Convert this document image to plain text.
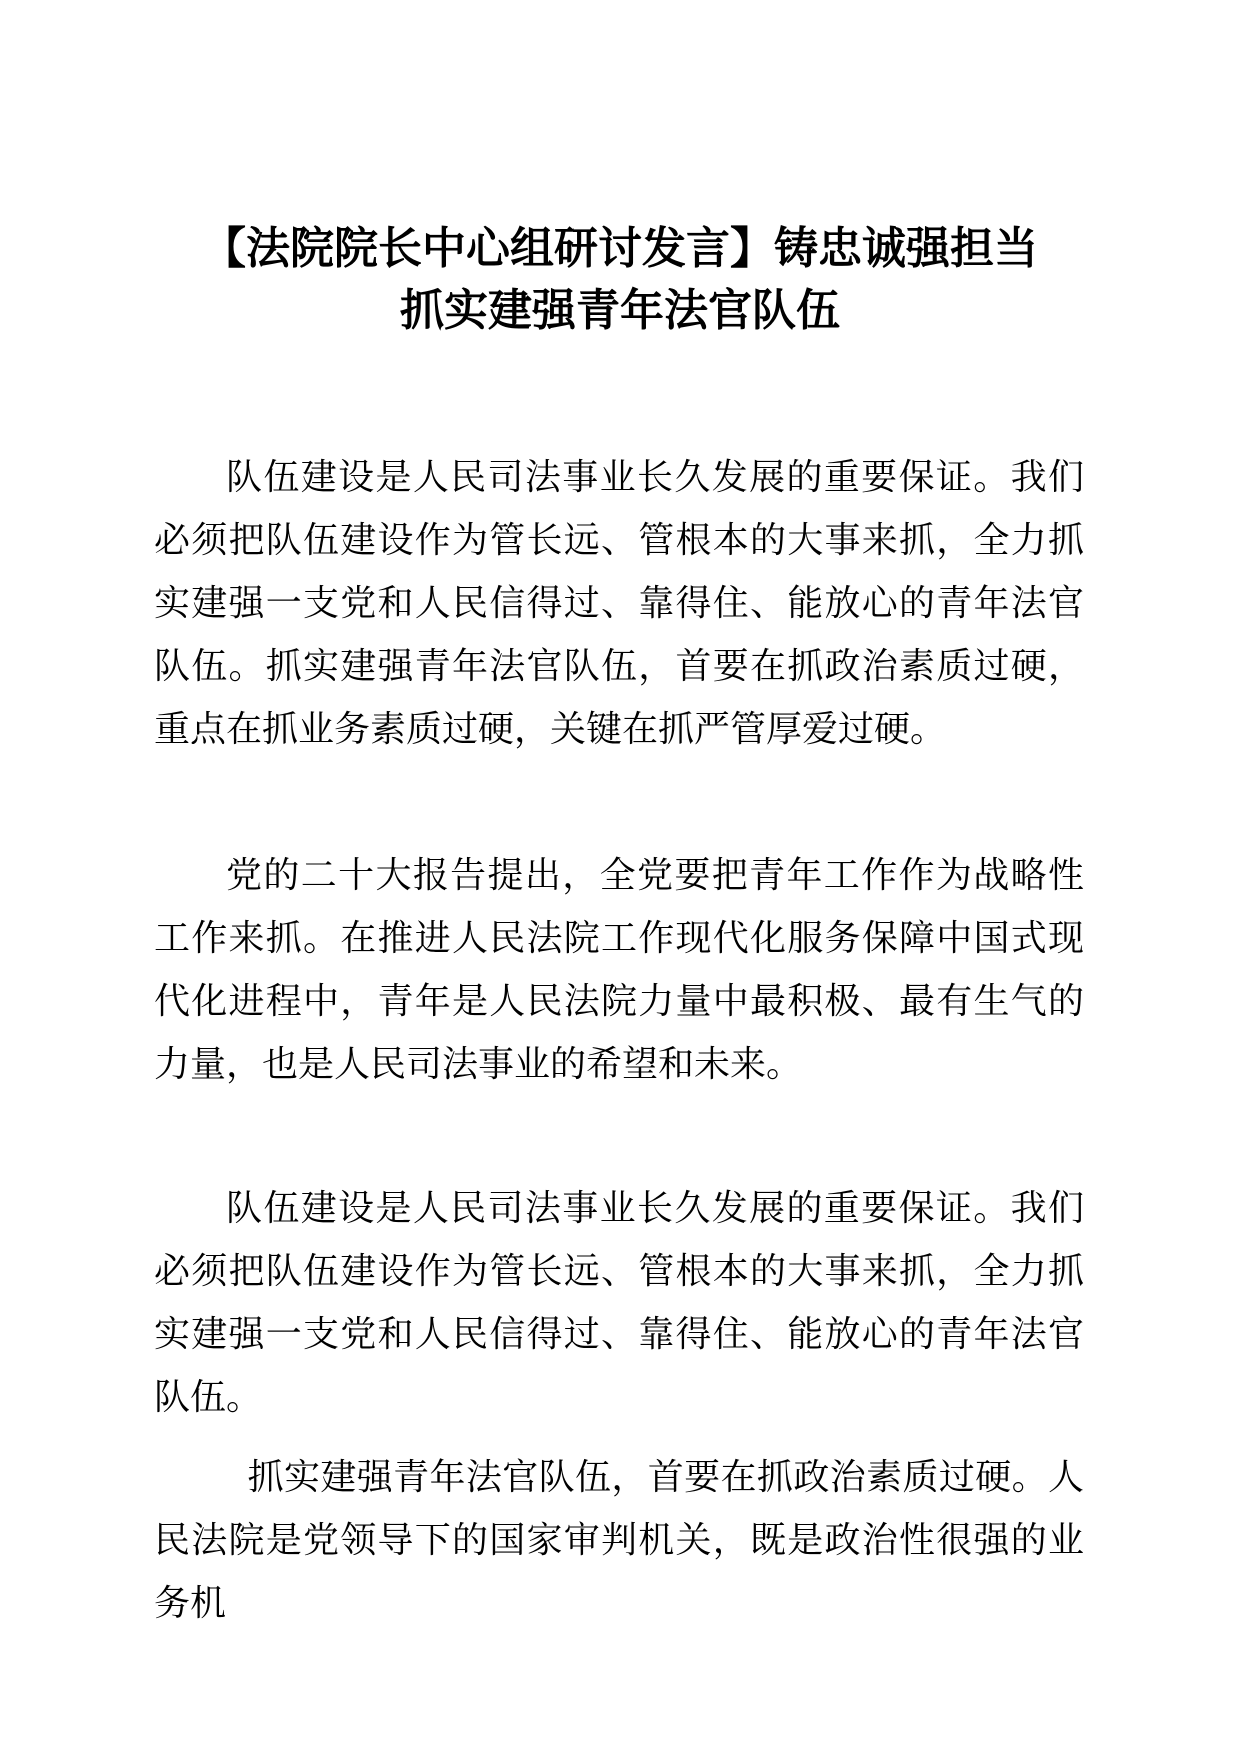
【法院院长中心组研讨发言】铸忠诚强担当
抓实建强青年法官队伍

队伍建设是人民司法事业长久发展的重要保证。我们必须把队伍建设作为管长远、管根本的大事来抓，全力抓实建强一支党和人民信得过、靠得住、能放心的青年法官队伍。抓实建强青年法官队伍，首要在抓政治素质过硬，重点在抓业务素质过硬，关键在抓严管厚爱过硬。

党的二十大报告提出，全党要把青年工作作为战略性工作来抓。在推进人民法院工作现代化服务保障中国式现代化进程中，青年是人民法院力量中最积极、最有生气的力量，也是人民司法事业的希望和未来。

队伍建设是人民司法事业长久发展的重要保证。我们必须把队伍建设作为管长远、管根本的大事来抓，全力抓实建强一支党和人民信得过、靠得住、能放心的青年法官队伍。

抓实建强青年法官队伍，首要在抓政治素质过硬。人民法院是党领导下的国家审判机关，既是政治性很强的业务机
